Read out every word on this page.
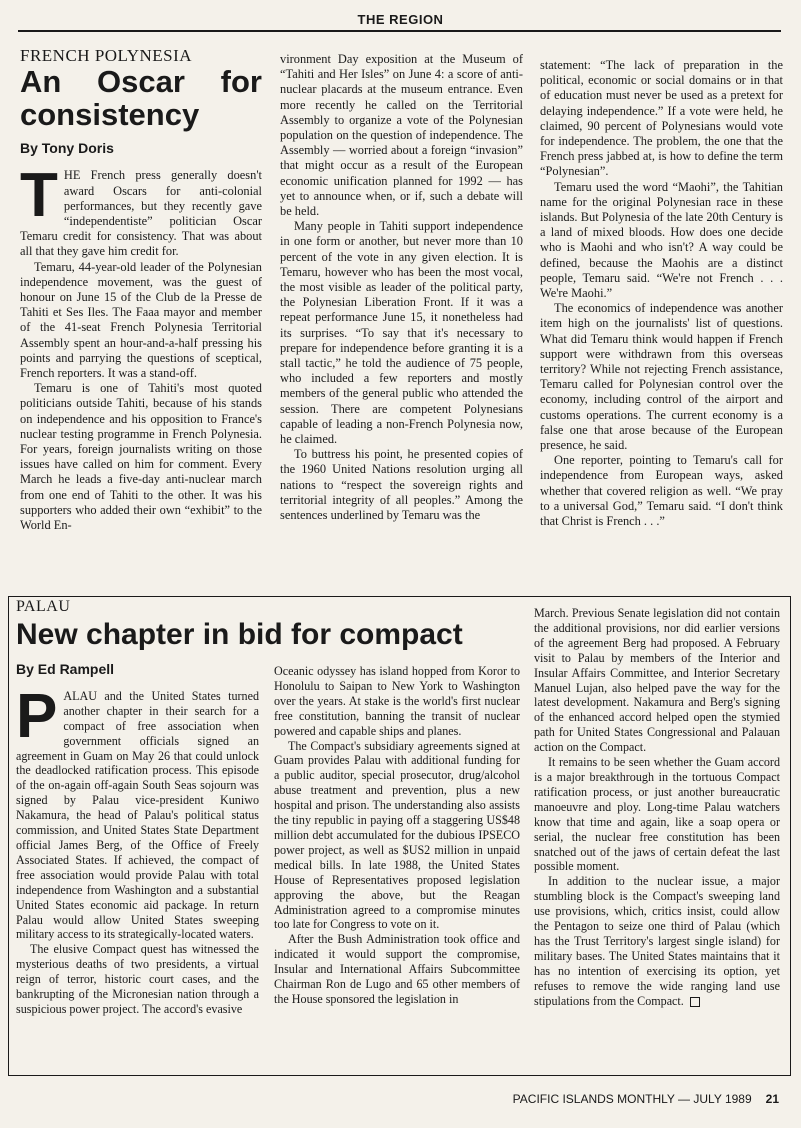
THE REGION
FRENCH POLYNESIA
An Oscar for consistency
By Tony Doris
T HE French press generally doesn't award Oscars for anti-colonial performances, but they recently gave “independentiste” politician Oscar Temaru credit for consistency. That was about all that they gave him credit for.

Temaru, 44-year-old leader of the Polynesian independence movement, was the guest of honour on June 15 of the Club de la Presse de Tahiti et Ses Iles. The Faaa mayor and member of the 41-seat French Polynesia Territorial Assembly spent an hour-and-a-half pressing his points and parrying the questions of sceptical, French reporters. It was a stand-off.

Temaru is one of Tahiti's most quoted politicians outside Tahiti, because of his stands on independence and his opposition to France's nuclear testing programme in French Polynesia. For years, foreign journalists writing on those issues have called on him for comment. Every March he leads a five-day anti-nuclear march from one end of Tahiti to the other. It was his supporters who added their own “exhibit” to the World En-

vironment Day exposition at the Museum of “Tahiti and Her Isles” on June 4: a score of anti-nuclear placards at the museum entrance. Even more recently he called on the Territorial Assembly to organize a vote of the Polynesian population on the question of independence. The Assembly — worried about a foreign “invasion” that might occur as a result of the European economic unification planned for 1992 — has yet to announce when, or if, such a debate will be held.

Many people in Tahiti support independence in one form or another, but never more than 10 percent of the vote in any given election. It is Temaru, however who has been the most vocal, the most visible as leader of the political party, the Polynesian Liberation Front. If it was a repeat performance June 15, it nonetheless had its surprises. “To say that it's necessary to prepare for independence before granting it is a stall tactic,” he told the audience of 75 people, who included a few reporters and mostly members of the general public who attended the session. There are competent Polynesians capable of leading a non-French Polynesia now, he claimed.

To buttress his point, he presented copies of the 1960 United Nations resolution urging all nations to “respect the sovereign rights and territorial integrity of all peoples.” Among the sentences underlined by Temaru was the

statement: “The lack of preparation in the political, economic or social domains or in that of education must never be used as a pretext for delaying independence.” If a vote were held, he claimed, 90 percent of Polynesians would vote for independence. The problem, the one that the French press jabbed at, is how to define the term “Polynesian”.

Temaru used the word “Maohi”, the Tahitian name for the original Polynesian race in these islands. But Polynesia of the late 20th Century is a land of mixed bloods. How does one decide who is Maohi and who isn't? A way could be defined, because the Maohis are a distinct people, Temaru said. “We're not French . . . We're Maohi.”

The economics of independence was another item high on the journalists' list of questions. What did Temaru think would happen if French support were withdrawn from this overseas territory? While not rejecting French assistance, Temaru called for Polynesian control over the economy, including control of the airport and customs operations. The current economy is a false one that arose because of the European presence, he said.

One reporter, pointing to Temaru's call for independence from European ways, asked whether that covered religion as well. “We pray to a universal God,” Temaru said. “I don't think that Christ is French . . .”

PALAU
New chapter in bid for compact
By Ed Rampell
P ALAU and the United States turned another chapter in their search for a compact of free association when government officials signed an agreement in Guam on May 26 that could unlock the deadlocked ratification process. This episode of the on-again off-again South Seas sojourn was signed by Palau vice-president Kuniwo Nakamura, the head of Palau's political status commission, and United States State Department official James Berg, of the Office of Freely Associated States. If achieved, the compact of free association would provide Palau with total independence from Washington and a substantial United States economic aid package. In return Palau would allow United States sweeping military access to its strategically-located waters.

The elusive Compact quest has witnessed the mysterious deaths of two presidents, a virtual reign of terror, historic court cases, and the bankrupting of the Micronesian nation through a suspicious power project. The accord's evasive

Oceanic odyssey has island hopped from Koror to Honolulu to Saipan to New York to Washington over the years. At stake is the world's first nuclear free constitution, banning the transit of nuclear powered and capable ships and planes.

The Compact's subsidiary agreements signed at Guam provides Palau with additional funding for a public auditor, special prosecutor, drug/alcohol abuse treatment and prevention, plus a new hospital and prison. The understanding also assists the tiny republic in paying off a staggering US$48 million debt accumulated for the dubious IPSECO power project, as well as $US2 million in unpaid medical bills. In late 1988, the United States House of Representatives proposed legislation approving the above, but the Reagan Administration agreed to a compromise minutes too late for Congress to vote on it.

After the Bush Administration took office and indicated it would support the compromise, Insular and International Affairs Subcommittee Chairman Ron de Lugo and 65 other members of the House sponsored the legislation in

March. Previous Senate legislation did not contain the additional provisions, nor did earlier versions of the agreement Berg had proposed. A February visit to Palau by members of the Interior and Insular Affairs Committee, and Interior Secretary Manuel Lujan, also helped pave the way for the latest development. Nakamura and Berg's signing of the enhanced accord helped open the stymied path for United States Congressional and Palauan action on the Compact.

It remains to be seen whether the Guam accord is a major breakthrough in the tortuous Compact ratification process, or just another bureaucratic manoeuvre and ploy. Long-time Palau watchers know that time and again, like a soap opera or serial, the nuclear free constitution has been snatched out of the jaws of certain defeat the last possible moment.

In addition to the nuclear issue, a major stumbling block is the Compact's sweeping land use provisions, which, critics insist, could allow the Pentagon to seize one third of Palau (which has the Trust Territory's largest single island) for military bases. The United States maintains that it has no intention of exercising its option, yet refuses to remove the wide ranging land use stipulations from the Compact.

PACIFIC ISLANDS MONTHLY — JULY 1989 21
